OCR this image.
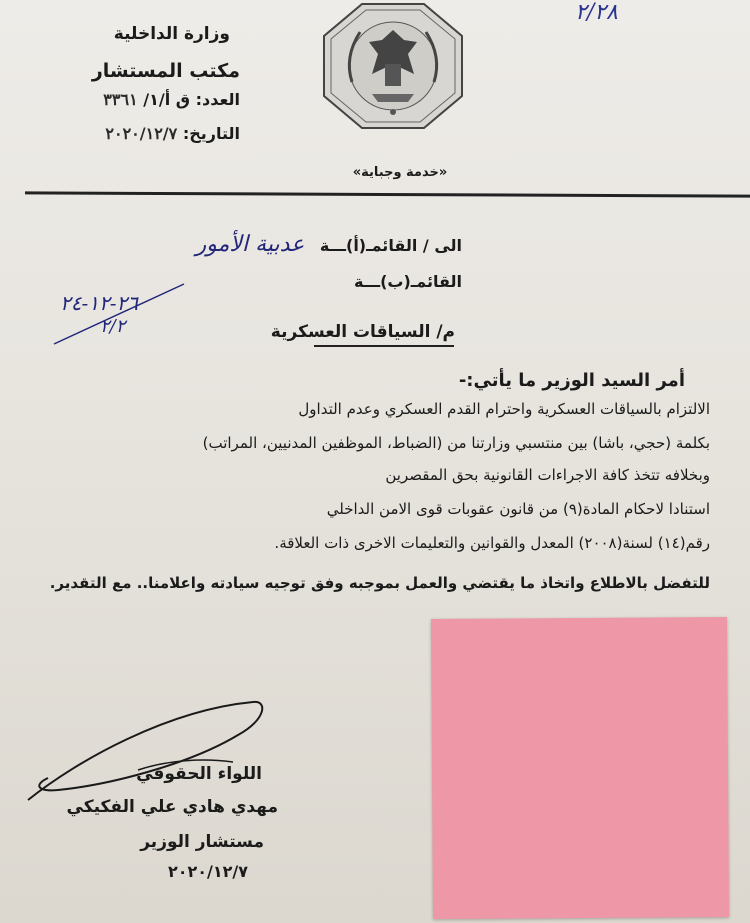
وزارة الداخلية
مكتب المستشار
العدد: ق أ/١/ ٣٣٦١
التاريخ: ٢٠٢٠/١٢/٧
٢/٢٨
«خدمة وجباية»
الى / القائمـ(أ)ـــة عدبية الأمور
القائمـ(ب)ـــة
٢٦-١٢-٢٤
٢/٢	م/ السياقات العسكرية
أمر السيد الوزير ما يأتي:-
الالتزام بالسياقات العسكرية واحترام القدم العسكري وعدم التداول
بكلمة (حجي، باشا) بين منتسبي وزارتنا من (الضباط، الموظفين المدنيين، المراتب)
وبخلافه تتخذ كافة الاجراءات القانونية بحق المقصرين
استنادا لاحكام المادة(٩) من قانون عقوبات قوى الامن الداخلي
رقم(١٤) لسنة(٢٠٠٨) المعدل والقوانين والتعليمات الاخرى ذات العلاقة.
للتفضل بالاطلاع واتخاذ ما يقتضي والعمل بموجبه وفق توجيه سيادته واعلامنا.. مع التقدير.
اللواء الحقوقي
مهدي هادي علي الفكيكي
مستشار الوزير
٢٠٢٠/١٢/٧
